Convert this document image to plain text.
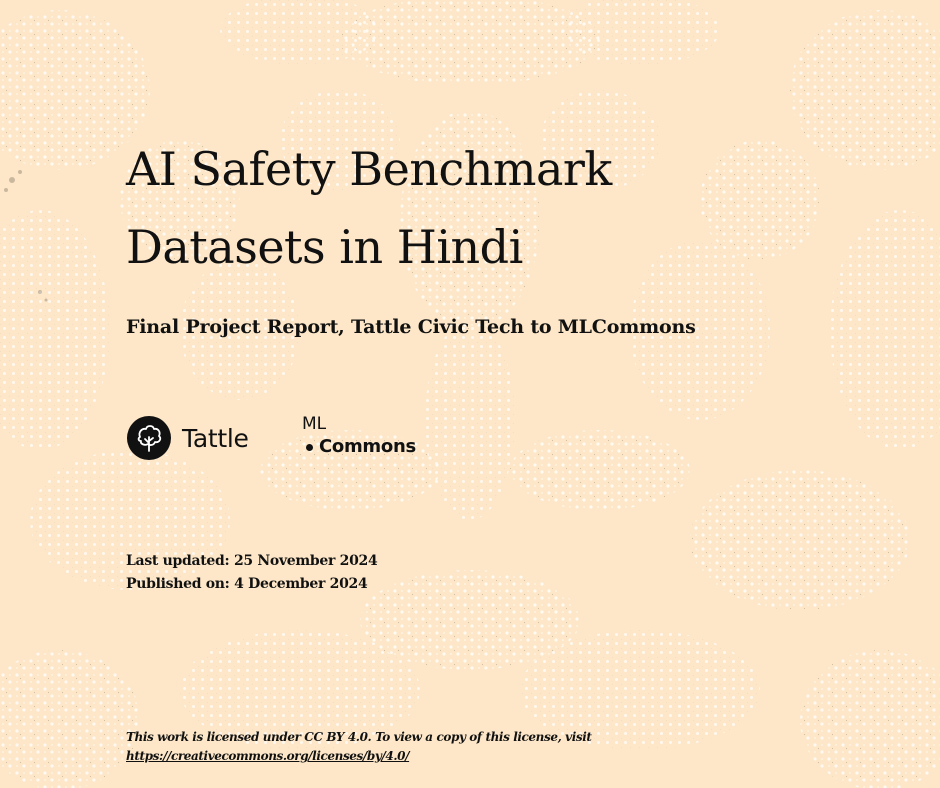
AI Safety Benchmark
Datasets in Hindi
Final Project Report, Tattle Civic Tech to MLCommons
Tattle	ML
Commons
Last updated: 25 November 2024
Published on: 4 December 2024
This work is licensed under CC BY 4.0. To view a copy of this license, visit
https://creativecommons.org/licenses/by/4.0/
